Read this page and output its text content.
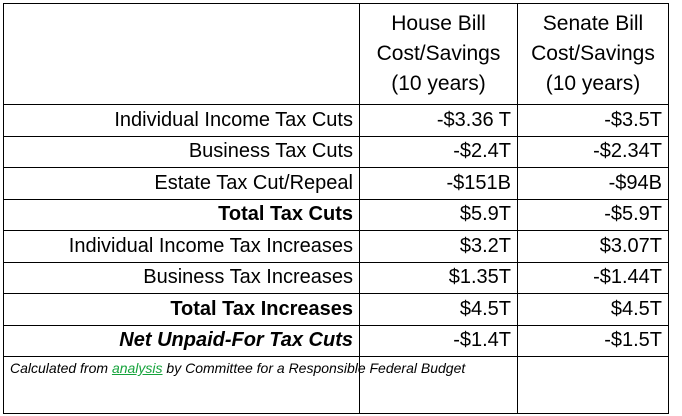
	House Bill
Cost/Savings
(10 years)	Senate Bill
Cost/Savings
(10 years)
Individual Income Tax Cuts	-$3.36 T	-$3.5T
Business Tax Cuts	-$2.4T	-$2.34T
Estate Tax Cut/Repeal	-$151B	-$94B
Total Tax Cuts	$5.9T	-$5.9T
Individual Income Tax Increases	$3.2T	$3.07T
Business Tax Increases	$1.35T	-$1.44T
Total Tax Increases	$4.5T	$4.5T
Net Unpaid-For Tax Cuts	-$1.4T	-$1.5T
Calculated from analysis by Committee for a Responsible Federal Budget		
